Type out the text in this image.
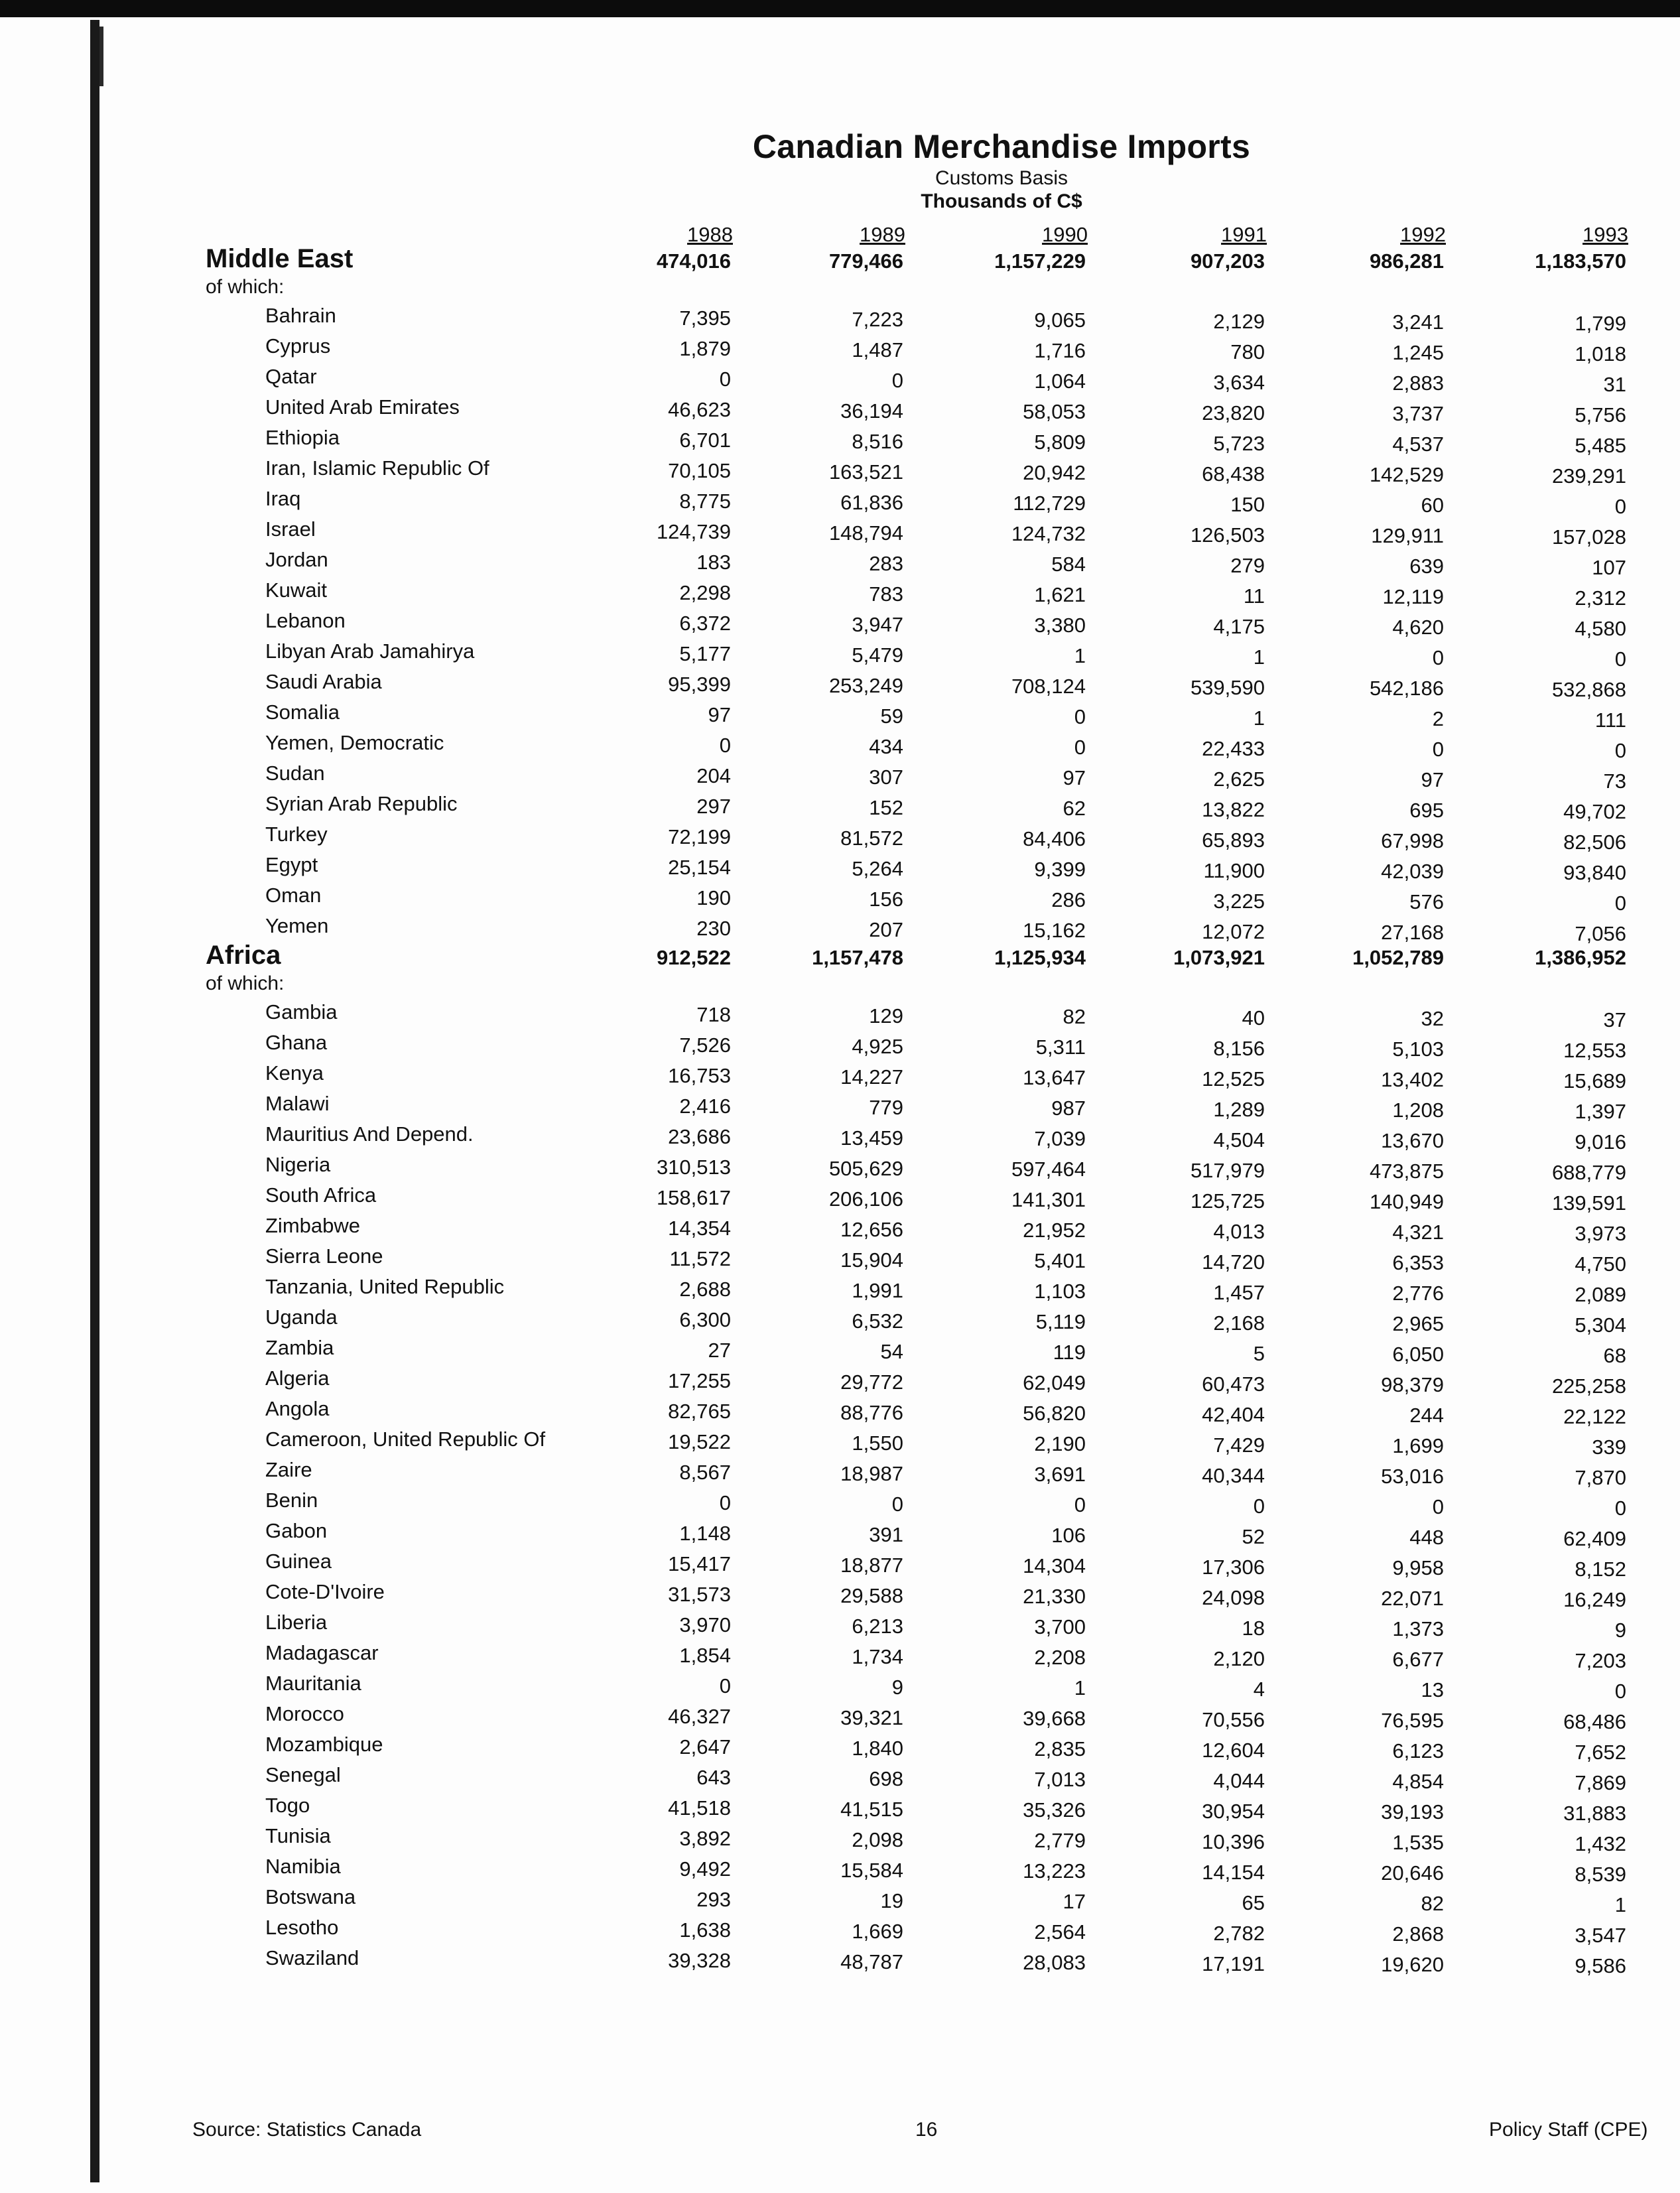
Canadian Merchandise Imports
Customs Basis
Thousands of C$
1988	1989	1990	1991	1992	1993
Middle East	474,016	779,466	1,157,229	907,203	986,281	1,183,570
of which:
Bahrain	7,395	7,223	9,065	2,129	3,241	1,799
Cyprus	1,879	1,487	1,716	780	1,245	1,018
Qatar	0	0	1,064	3,634	2,883	31
United Arab Emirates	46,623	36,194	58,053	23,820	3,737	5,756
Ethiopia	6,701	8,516	5,809	5,723	4,537	5,485
Iran, Islamic Republic Of	70,105	163,521	20,942	68,438	142,529	239,291
Iraq	8,775	61,836	112,729	150	60	0
Israel	124,739	148,794	124,732	126,503	129,911	157,028
Jordan	183	283	584	279	639	107
Kuwait	2,298	783	1,621	11	12,119	2,312
Lebanon	6,372	3,947	3,380	4,175	4,620	4,580
Libyan Arab Jamahirya	5,177	5,479	1	1	0	0
Saudi Arabia	95,399	253,249	708,124	539,590	542,186	532,868
Somalia	97	59	0	1	2	111
Yemen, Democratic	0	434	0	22,433	0	0
Sudan	204	307	97	2,625	97	73
Syrian Arab Republic	297	152	62	13,822	695	49,702
Turkey	72,199	81,572	84,406	65,893	67,998	82,506
Egypt	25,154	5,264	9,399	11,900	42,039	93,840
Oman	190	156	286	3,225	576	0
Yemen	230	207	15,162	12,072	27,168	7,056
Africa	912,522	1,157,478	1,125,934	1,073,921	1,052,789	1,386,952
of which:
Gambia	718	129	82	40	32	37
Ghana	7,526	4,925	5,311	8,156	5,103	12,553
Kenya	16,753	14,227	13,647	12,525	13,402	15,689
Malawi	2,416	779	987	1,289	1,208	1,397
Mauritius And Depend.	23,686	13,459	7,039	4,504	13,670	9,016
Nigeria	310,513	505,629	597,464	517,979	473,875	688,779
South Africa	158,617	206,106	141,301	125,725	140,949	139,591
Zimbabwe	14,354	12,656	21,952	4,013	4,321	3,973
Sierra Leone	11,572	15,904	5,401	14,720	6,353	4,750
Tanzania, United Republic	2,688	1,991	1,103	1,457	2,776	2,089
Uganda	6,300	6,532	5,119	2,168	2,965	5,304
Zambia	27	54	119	5	6,050	68
Algeria	17,255	29,772	62,049	60,473	98,379	225,258
Angola	82,765	88,776	56,820	42,404	244	22,122
Cameroon, United Republic Of	19,522	1,550	2,190	7,429	1,699	339
Zaire	8,567	18,987	3,691	40,344	53,016	7,870
Benin	0	0	0	0	0	0
Gabon	1,148	391	106	52	448	62,409
Guinea	15,417	18,877	14,304	17,306	9,958	8,152
Cote-D'Ivoire	31,573	29,588	21,330	24,098	22,071	16,249
Liberia	3,970	6,213	3,700	18	1,373	9
Madagascar	1,854	1,734	2,208	2,120	6,677	7,203
Mauritania	0	9	1	4	13	0
Morocco	46,327	39,321	39,668	70,556	76,595	68,486
Mozambique	2,647	1,840	2,835	12,604	6,123	7,652
Senegal	643	698	7,013	4,044	4,854	7,869
Togo	41,518	41,515	35,326	30,954	39,193	31,883
Tunisia	3,892	2,098	2,779	10,396	1,535	1,432
Namibia	9,492	15,584	13,223	14,154	20,646	8,539
Botswana	293	19	17	65	82	1
Lesotho	1,638	1,669	2,564	2,782	2,868	3,547
Swaziland	39,328	48,787	28,083	17,191	19,620	9,586
Source: Statistics Canada	16	Policy Staff (CPE)
